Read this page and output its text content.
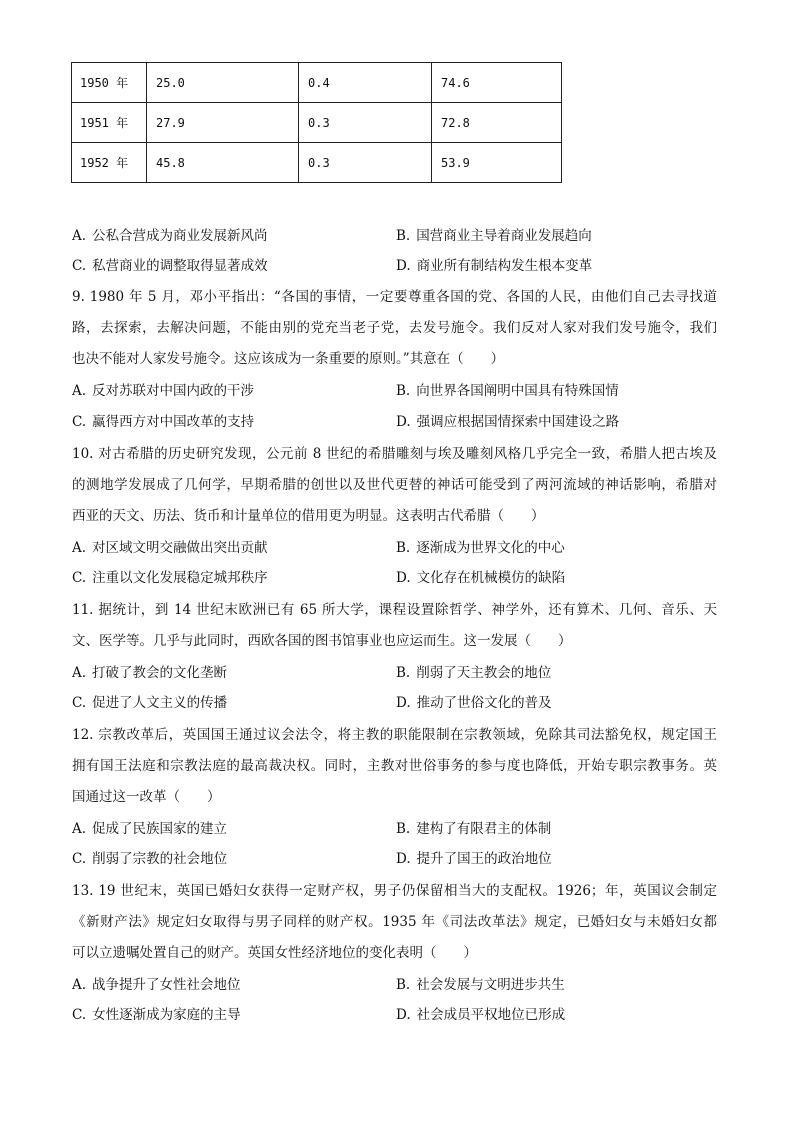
1950 年	25.0	0.4	74.6
1951 年	27.9	0.3	72.8
1952 年	45.8	0.3	53.9
A. 公私合营成为商业发展新风尚	B. 国营商业主导着商业发展趋向
C. 私营商业的调整取得显著成效	D. 商业所有制结构发生根本变革
9. 1980 年 5 月，邓小平指出：“各国的事情，一定要尊重各国的党、各国的人民，由他们自己去寻找道
路，去探索，去解决问题，不能由别的党充当老子党，去发号施令。我们反对人家对我们发号施令，我们
也决不能对人家发号施令。这应该成为一条重要的原则。”其意在（　　）
A. 反对苏联对中国内政的干涉	B. 向世界各国阐明中国具有特殊国情
C. 赢得西方对中国改革的支持	D. 强调应根据国情探索中国建设之路
10. 对古希腊的历史研究发现，公元前 8 世纪的希腊雕刻与埃及雕刻风格几乎完全一致，希腊人把古埃及
的测地学发展成了几何学，早期希腊的创世以及世代更替的神话可能受到了两河流域的神话影响，希腊对
西亚的天文、历法、货币和计量单位的借用更为明显。这表明古代希腊（　　）
A. 对区域文明交融做出突出贡献	B. 逐渐成为世界文化的中心
C. 注重以文化发展稳定城邦秩序	D. 文化存在机械模仿的缺陷
11. 据统计，到 14 世纪末欧洲已有 65 所大学，课程设置除哲学、神学外，还有算术、几何、音乐、天
文、医学等。几乎与此同时，西欧各国的图书馆事业也应运而生。这一发展（　　）
A. 打破了教会的文化垄断	B. 削弱了天主教会的地位
C. 促进了人文主义的传播	D. 推动了世俗文化的普及
12. 宗教改革后，英国国王通过议会法令，将主教的职能限制在宗教领域，免除其司法豁免权，规定国王
拥有国王法庭和宗教法庭的最高裁决权。同时，主教对世俗事务的参与度也降低，开始专职宗教事务。英
国通过这一改革（　　）
A. 促成了民族国家的建立	B. 建构了有限君主的体制
C. 削弱了宗教的社会地位	D. 提升了国王的政治地位
13. 19 世纪末，英国已婚妇女获得一定财产权，男子仍保留相当大的支配权。1926；年，英国议会制定
《新财产法》规定妇女取得与男子同样的财产权。1935 年《司法改革法》规定，已婚妇女与未婚妇女都
可以立遗嘱处置自己的财产。英国女性经济地位的变化表明（　　）
A. 战争提升了女性社会地位	B. 社会发展与文明进步共生
C. 女性逐渐成为家庭的主导	D. 社会成员平权地位已形成
